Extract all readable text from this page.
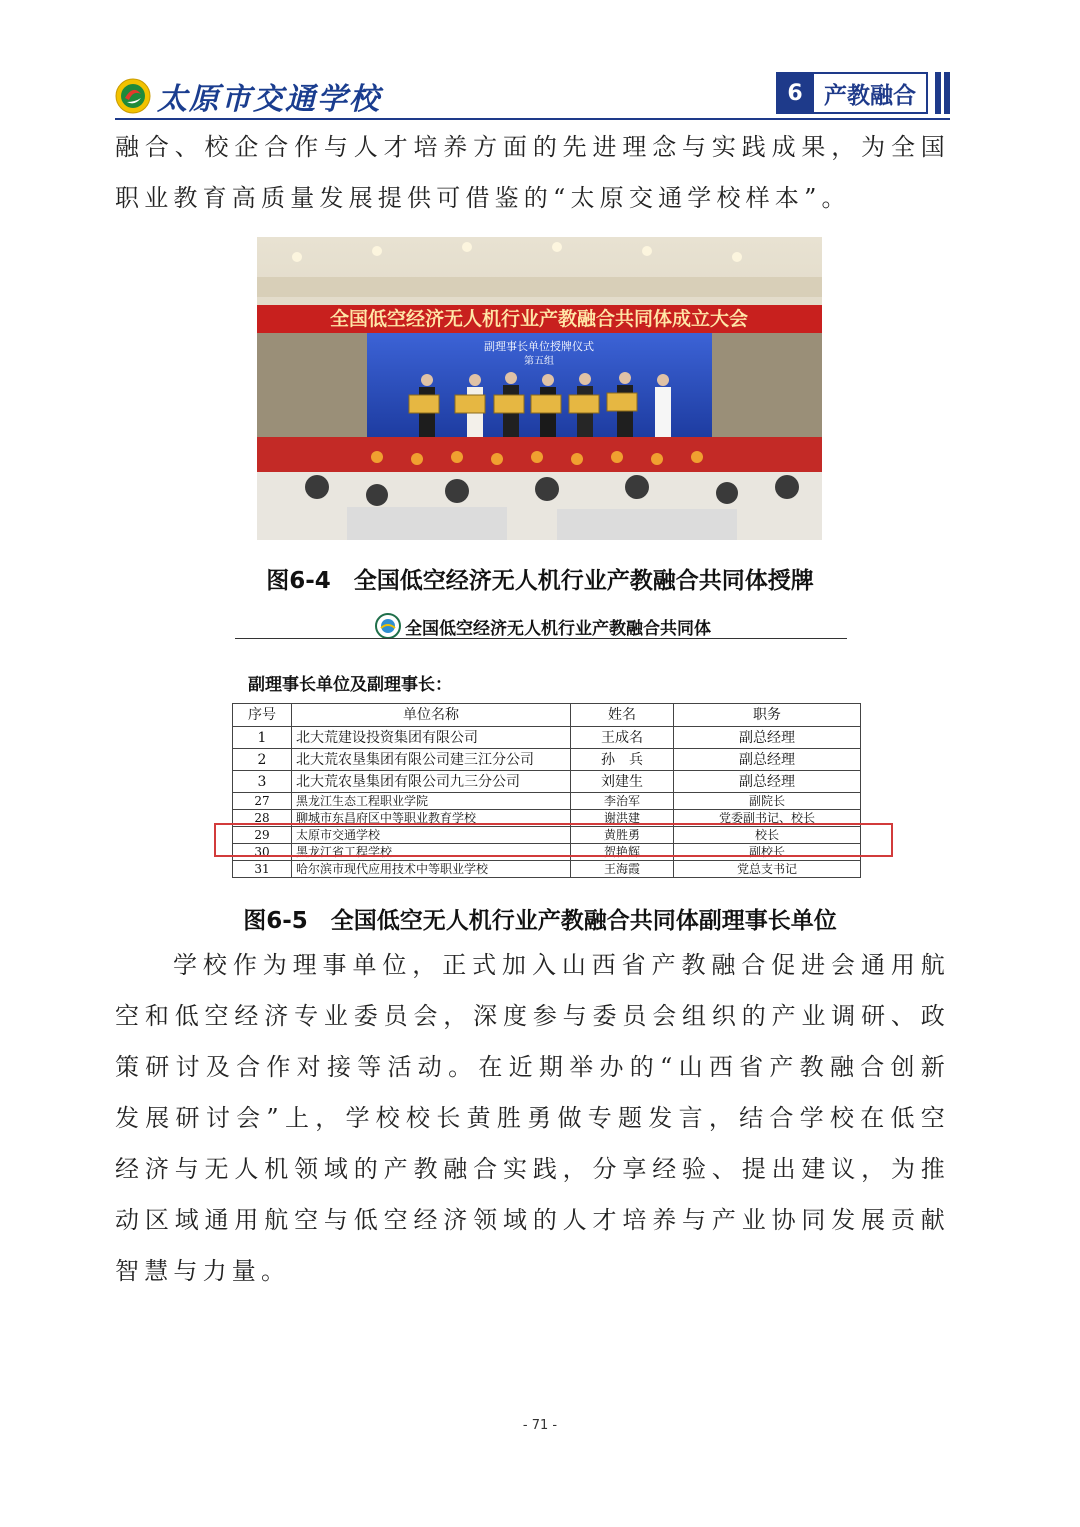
太原市交通学校	6 产教融合
融合、校企合作与人才培养方面的先进理念与实践成果，为全国职业教育高质量发展提供可借鉴的“太原交通学校样本”。
全国低空经济无人机行业产教融合共同体成立大会
副理事长单位授牌仪式
第五组
图6-4　全国低空经济无人机行业产教融合共同体授牌
全国低空经济无人机行业产教融合共同体
副理事长单位及副理事长：
序号	单位名称	姓名	职务
1	北大荒建设投资集团有限公司	王成名	副总经理
2	北大荒农垦集团有限公司建三江分公司	孙　兵	副总经理
3	北大荒农垦集团有限公司九三分公司	刘建生	副总经理
27	黑龙江生态工程职业学院	李治军	副院长
28	聊城市东昌府区中等职业教育学校	谢洪建	党委副书记、校长
29	太原市交通学校	黄胜勇	校长
30	黑龙江省工程学校	贺艳辉	副校长
31	哈尔滨市现代应用技术中等职业学校	王海霞	党总支书记
图6-5　全国低空无人机行业产教融合共同体副理事长单位
学校作为理事单位，正式加入山西省产教融合促进会通用航空和低空经济专业委员会，深度参与委员会组织的产业调研、政策研讨及合作对接等活动。在近期举办的“山西省产教融合创新发展研讨会”上，学校校长黄胜勇做专题发言，结合学校在低空经济与无人机领域的产教融合实践，分享经验、提出建议，为推动区域通用航空与低空经济领域的人才培养与产业协同发展贡献智慧与力量。
- 71 -
